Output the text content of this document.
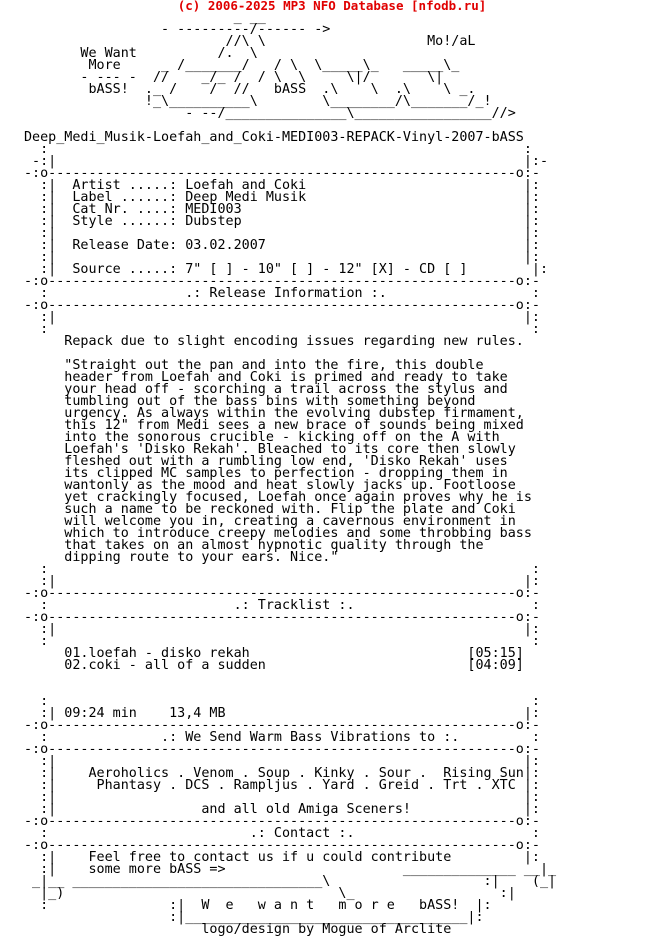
(c) 2006-2025 MP3 NFO Database [nfodb.ru]
_ __
- ---------/------ ->
//\ \                    Mo!/aL
We Want          /.  \
More     _ /_______/   / \  \_____\_   _____\_
- --- -  //    _/_ /  / \  \     \|/       \|
bASS!  ._ /    /  //   bASS  .\    \  .\    \ _.
!_\__________\        \________/\_______/_!
- --/_______________\_________________//>

Deep_Medi_Musik-Loefah_and_Coki-MEDI003-REPACK-Vinyl-2007-bASS
:                                                           :
-:|                                                          |:-
-:o----------------------------------------------------------o:-
:|  Artist .....: Loefah and Coki                           |:
:|  Label ......: Deep Medi Musik                           |:
:|  Cat Nr. ....: MEDI003                                   |:
:|  Style ......: Dubstep                                   |:
:|                                                          |:
:|  Release Date: 03.02.2007                                |:
:|                                                          |:
:|  Source .....: 7" [ ] - 10" [ ] - 12" [X] - CD [ ]        |:
-:o----------------------------------------------------------o:-
:                 .: Release Information :.                  :
-:o----------------------------------------------------------o:-
:|                                                          |:
:                                                            :
Repack due to slight encoding issues regarding new rules.

"Straight out the pan and into the fire, this double
header from Loefah and Coki is primed and ready to take
your head off - scorching a trail across the stylus and
tumbling out of the bass bins with something beyond
urgency. As always within the evolving dubstep firmament,
this 12" from Medi sees a new brace of sounds being mixed
into the sonorous crucible - kicking off on the A with
Loefah's 'Disko Rekah'. Bleached to its core then slowly
fleshed out with a rumbling low end, 'Disko Rekah' uses
its clipped MC samples to perfection - dropping them in
wantonly as the mood and heat slowly jacks up. Footloose
yet crackingly focused, Loefah once again proves why he is
such a name to be reckoned with. Flip the plate and Coki
will welcome you in, creating a cavernous environment in
which to introduce creepy melodies and some throbbing bass
that takes on an almost hypnotic quality through the
dipping route to your ears. Nice."
:                                                            :
:|                                                          |:
-:o----------------------------------------------------------o:-
:                       .: Tracklist :.                      :
-:o----------------------------------------------------------o:-
:|                                                          |:
:                                                            :
01.loefah - disko rekah                           [05:15]
02.coki - all of a sudden                         [04:09]

:                                                            :
:| 09:24 min    13,4 MB                                     |:
-:o----------------------------------------------------------o:-
:              .: We Send Warm Bass Vibrations to :.         :
-:o----------------------------------------------------------o:-
:|                                                          |:
:|    Aeroholics . Venom . Soup . Kinky . Sour .  Rising Sun|:
:|     Phantasy . DCS . Rampljus . Yard . Greid . Trt . XTC |:
:|                                                          |:
:|                  and all old Amiga Sceners!              |:
-:o----------------------------------------------------------o:-
:                         .: Contact :.                      :
-:o----------------------------------------------------------o:-
:|    Feel free to contact us if u could contribute         |:
:|    some more bASS =>                      ______________ __|_
_|__ _______________________________\                   :|    (_|
|_)                                  \_                  :|
:               :|  W  e   w a n t   m o r e   bASS!  |:
:|___________________________________|:
logo/design by Mogue of Arclite
